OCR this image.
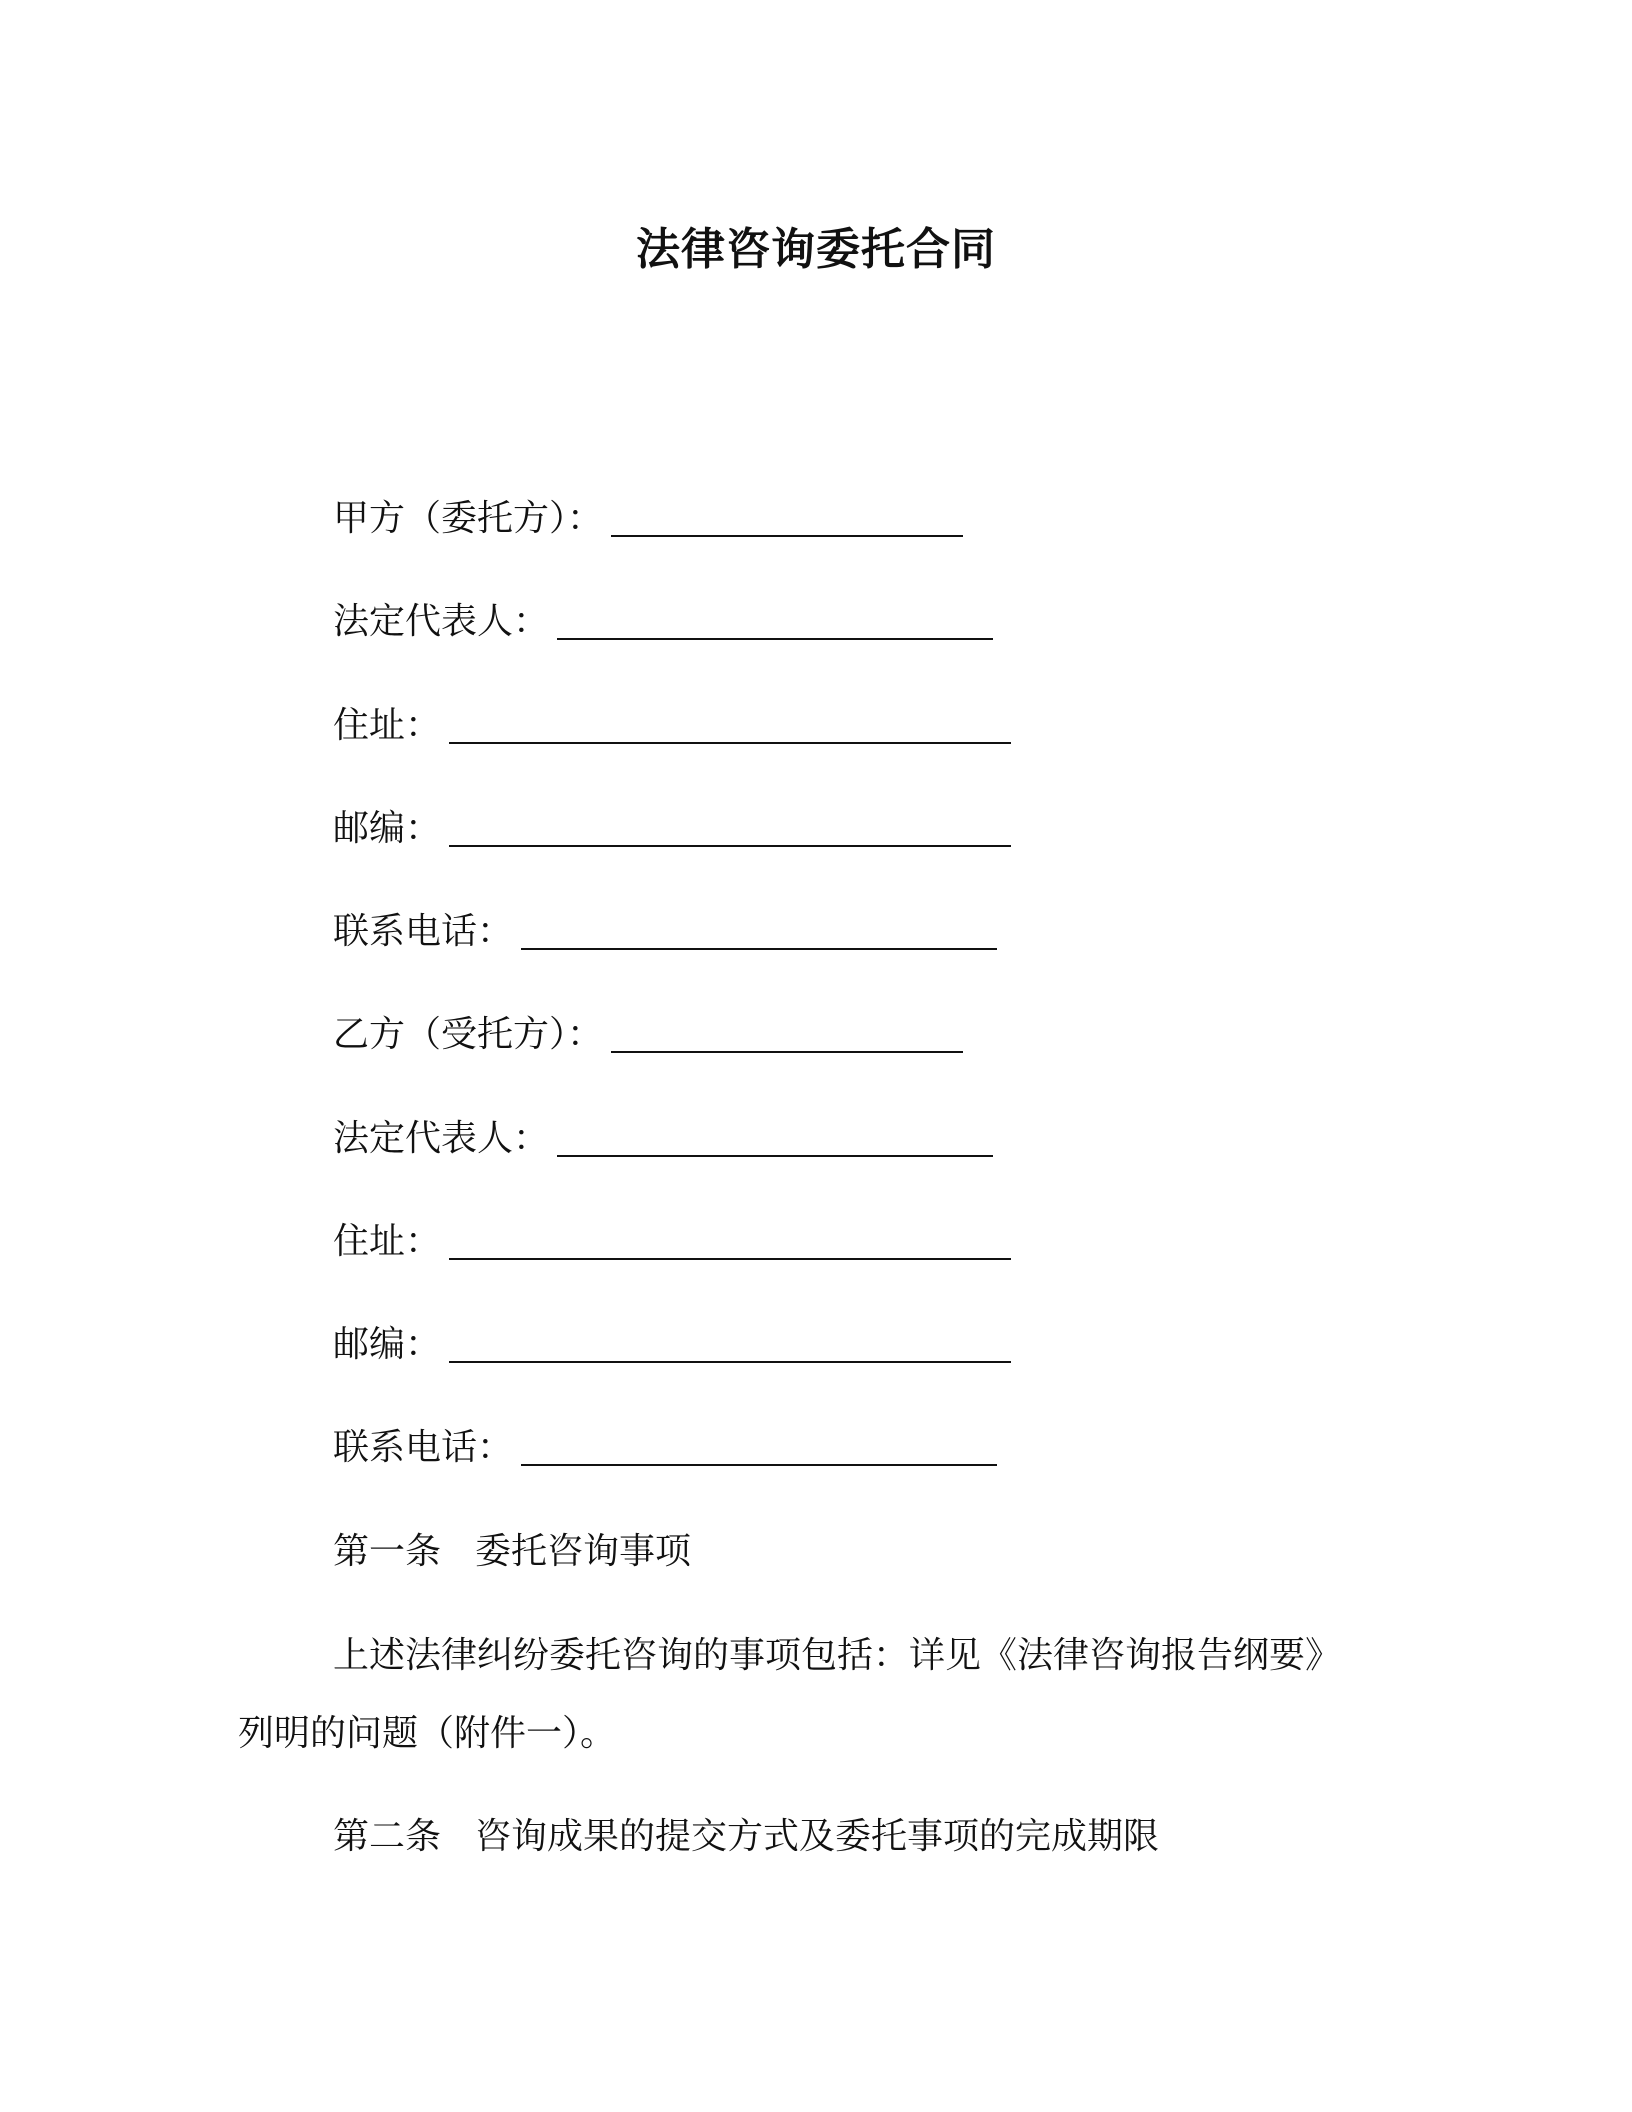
法律咨询委托合同
甲方（委托方）：
法定代表人：
住址：
邮编：
联系电话：
乙方（受托方）：
法定代表人：
住址：
邮编：
联系电话：
第一条 委托咨询事项
上述法律纠纷委托咨询的事项包括：详见《法律咨询报告纲要》列明的问题（附件一）。
第二条 咨询成果的提交方式及委托事项的完成期限
